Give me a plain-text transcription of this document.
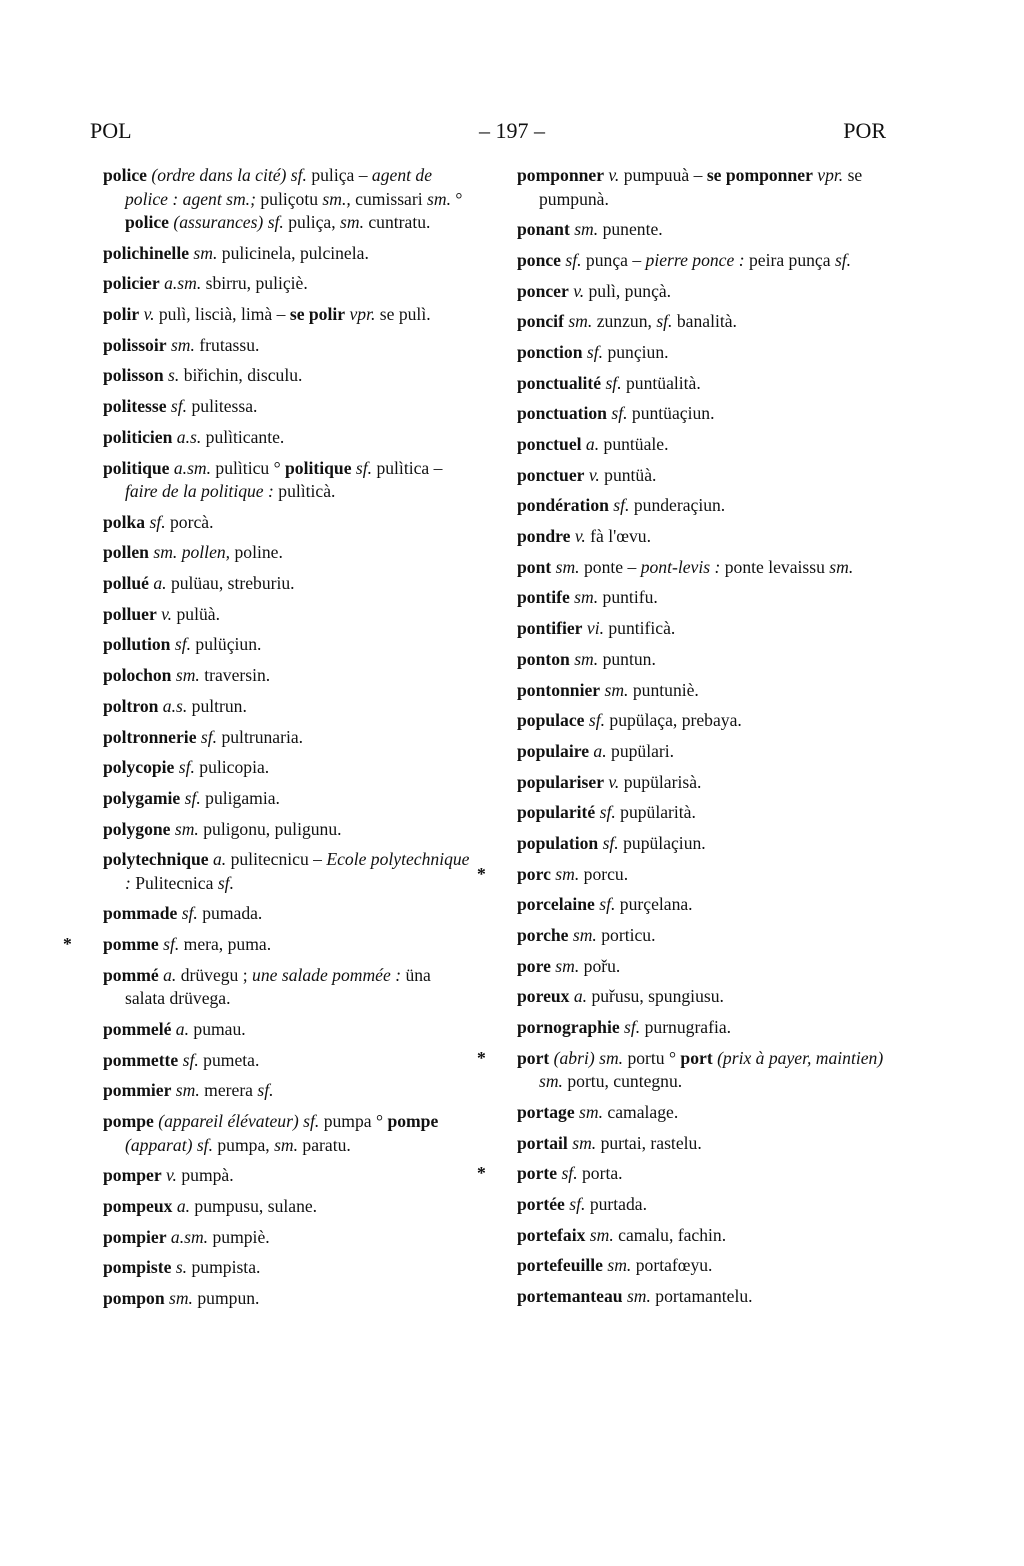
POL	– 197 –	POR
police (ordre dans la cité) sf. puliça – agent de police : agent sm.; puliçotu sm., cumissari sm. ° police (assurances) sf. puliça, sm. cuntratu.
polichinelle sm. pulicinela, pulcinela.
policier a.sm. sbirru, puliçiè.
polir v. pulì, liscià, limà – se polir vpr. se pulì.
polissoir sm. frutassu.
polisson s. biřichin, disculu.
politesse sf. pulitessa.
politicien a.s. pulìticante.
politique a.sm. pulìticu ° politique sf. pulìtica – faire de la politique : pulìticà.
polka sf. porcà.
pollen sm. pollen, poline.
pollué a. pulüau, streburiu.
polluer v. pulüà.
pollution sf. pulüçiun.
polochon sm. traversin.
poltron a.s. pultrun.
poltronnerie sf. pultrunaria.
polycopie sf. pulicopia.
polygamie sf. puligamia.
polygone sm. puligonu, puligunu.
polytechnique a. pulitecnicu – Ecole polytechnique : Pulitecnica sf.
pommade sf. pumada.
* pomme sf. mera, puma.
pommé a. drüvegu ; une salade pommée : üna salata drüvega.
pommelé a. pumau.
pommette sf. pumeta.
pommier sm. merera sf.
pompe (appareil élévateur) sf. pumpa ° pompe (apparat) sf. pumpa, sm. paratu.
pomper v. pumpà.
pompeux a. pumpusu, sulane.
pompier a.sm. pumpiè.
pompiste s. pumpista.
pompon sm. pumpun.
pomponner v. pumpuuà – se pomponner vpr. se pumpunà.
ponant sm. punente.
ponce sf. punça – pierre ponce : peira punça sf.
poncer v. pulì, punçà.
poncif sm. zunzun, sf. banalità.
ponction sf. punçiun.
ponctualité sf. puntüalità.
ponctuation sf. puntüaçiun.
ponctuel a. puntüale.
ponctuer v. puntüà.
pondération sf. punderaçiun.
pondre v. fà l'œvu.
pont sm. ponte – pont-levis : ponte levaissu sm.
pontife sm. puntifu.
pontifier vi. puntificà.
ponton sm. puntun.
pontonnier sm. puntuniè.
populace sf. pupülaça, prebaya.
populaire a. pupülari.
populariser v. pupülarisà.
popularité sf. pupülarità.
population sf. pupülaçiun.
* porc sm. porcu.
porcelaine sf. purçelana.
porche sm. porticu.
pore sm. pořu.
poreux a. puřusu, spungiusu.
pornographie sf. purnugrafia.
* port (abri) sm. portu ° port (prix à payer, maintien) sm. portu, cuntegnu.
portage sm. camalage.
portail sm. purtai, rastelu.
* porte sf. porta.
portée sf. purtada.
portefaix sm. camalu, fachin.
portefeuille sm. portafœyu.
portemanteau sm. portamantelu.
